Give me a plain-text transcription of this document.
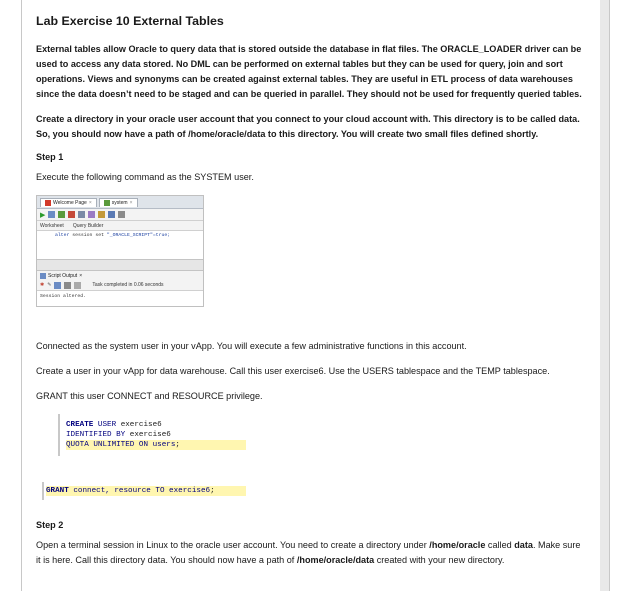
Lab Exercise 10 External Tables

External tables allow Oracle to query data that is stored outside the database in flat files. The ORACLE_LOADER driver can be used to access any data stored. No DML can be performed on external tables but they can be used for query, join and sort operations. Views and synonyms can be created against external tables. They are useful in ETL process of data warehouses since the data doesn’t need to be staged and can be queried in parallel. They should not be used for frequently queried tables.

Create a directory in your oracle user account that you connect to your cloud account with. This directory is to be called data. So, you should now have a path of /home/oracle/data to this directory. You will create two small files defined shortly.

Step 1

Execute the following command as the SYSTEM user.

Welcome Page ×	system ×
▶
Worksheet Query Builder
alter session set "_ORACLE_SCRIPT"=true;
Script Output ×
✱ ✎	Task completed in 0.06 seconds
Session altered.

Connected as the system user in your vApp. You will execute a few administrative functions in this account.

Create a user in your vApp for data warehouse. Call this user exercise6. Use the USERS tablespace and the TEMP tablespace.

GRANT this user CONNECT and RESOURCE privilege.

CREATE USER exercise6
IDENTIFIED BY exercise6
QUOTA UNLIMITED ON users;
GRANT connect, resource TO exercise6;
Step 2

Open a terminal session in Linux to the oracle user account. You need to create a directory under /home/oracle called data. Make sure it is here. Call this directory data. You should now have a path of /home/oracle/data created with your new directory.
